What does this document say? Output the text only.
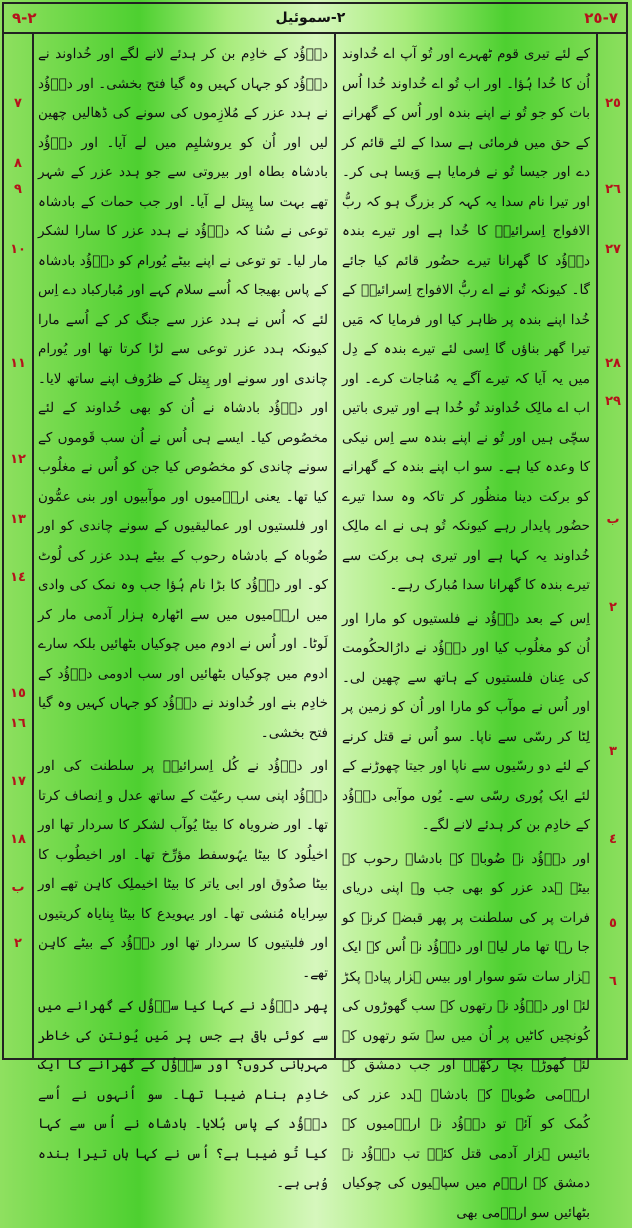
٢-٩	٢-سموئیل	٧-٢٥
٧
٨
٩
١٠
١١
١٢
١٣
١٤
١٥
١٦
١٧
١٨
ب
٢
٢٥
٢٦
٢٧
٢٨
٢٩
ب
٢
٣
٤
٥
٦

کے لئے تیری قوم ٹھہرے اور تُو آپ اے خُداوند اُن کا خُدا ہُؤا۔ اور اب تُو اے خُداوند خُدا اُس بات کو جو تُو نے اپنے بندہ اور اُس کے گھرانے کے حق میں فرمائی ہے سدا کے لئے قائم کر دے اور جیسا تُو نے فرمایا ہے وَیسا ہی کر۔ اور تیرا نام سدا یہ کہہ کر بزرگ ہو کہ ربُّ الافواج اِسرائیلؔ کا خُدا ہے اور تیرے بندہ داؔؤُد کا گھرانا تیرے حضُور قائم کیا جائے گا۔ کیونکہ تُو نے اے ربُّ الافواج اِسرائیلؔ کے خُدا اپنے بندہ پر ظاہر کیا اور فرمایا کہ مَیں تیرا گھر بناؤں گا اِسی لئے تیرے بندہ کے دِل میں یہ آیا کہ تیرے آگے یہ مُناجات کرے۔ اور اب اے مالِک خُداوند تُو خُدا ہے اور تیری باتیں سچّی ہیں اور تُو نے اپنے بندہ سے اِس نیکی کا وعدہ کیا ہے۔ سو اب اپنے بندہ کے گھرانے کو برکت دینا منظُور کر تاکہ وہ سدا تیرے حضُور پایدار رہے کیونکہ تُو ہی نے اے مالِک خُداوند یہ کہا ہے اور تیری ہی برکت سے تیرے بندہ کا گھرانا سدا مُبارک رہے۔

اِس کے بعد داؔؤُد نے فلستیوں کو مارا اور اُن کو مغلُوب کیا اور داؔؤُد نے دارُالحکُومت کی عِنان فلستیوں کے ہاتھ سے چھین لی۔ اور اُس نے موآب کو مارا اور اُن کو زمین پر لِٹا کر رسّی سے ناپا۔ سو اُس نے قتل کرنے کے لئے دو رسّیوں سے ناپا اور جیتا چھوڑنے کے لئے ایک پُوری رسّی سے۔ یُوں موآبی داؔؤُد کے خادِم بن کر ہدئے لانے لگے۔

اور داؔؤُد نے ضُوباہ کے بادشاہ رحوب کے بیٹے ہدد عزر کو بھی جب وہ اپنی دریای فرات پر کی سلطنت پر پھر قبضہ کرنے کو جا رہا تھا مار لیا۔ اور داؔؤُد نے اُس کے ایک ہزار سات سَو سوار اور بیس ہزار پیادے پکڑ لئے اور داؔؤُد نے رتھوں کے سب گھوڑوں کی کُونچیں کاٹیں پر اُن میں سے سَو رتھوں کے لئے گھوڑے بچا رکھّے۔ اور جب دمشق کے اراؔمی ضُوباہ کے بادشاہ ہدد عزر کی کُمک کو آئے تو داؔؤُد نے اراؔمیوں کے بائیس ہزار آدمی قتل کئے۔ تب داؔؤُد نے دمشق کے اراؔم میں سپاہیوں کی چوکیاں بٹھائیں سو اراؔمی بھی

داؔؤُد کے خادِم بن کر ہدئے لانے لگے اور خُداوند نے داؔؤُد کو جہاں کہیں وہ گیا فتح بخشی۔ اور داؔؤُد نے ہدد عزر کے مُلازِموں کی سونے کی ڈھالیں چھین لیں اور اُن کو یروشلیِم میں لے آیا۔ اور داؔؤُد بادشاہ بطاہ اور بیروتی سے جو ہدد عزر کے شہر تھے بہت سا پِیتل لے آیا۔ اور جب حمات کے بادشاہ توعی نے سُنا کہ داؔؤُد نے ہدد عزر کا سارا لشکر مار لیا۔ تو توعی نے اپنے بیٹے یُورام کو داؔؤُد بادشاہ کے پاس بھیجا کہ اُسے سلام کہے اور مُبارکباد دے اِس لئے کہ اُس نے ہدد عزر سے جنگ کر کے اُسے مارا کیونکہ ہدد عزر توعی سے لڑا کرتا تھا اور یُورام چاندی اور سونے اور پِیتل کے ظرُوف اپنے ساتھ لایا۔ اور داؔؤُد بادشاہ نے اُن کو بھی خُداوند کے لئے مخصُوص کیا۔ ایسے ہی اُس نے اُن سب قَوموں کے سونے چاندی کو مخصُوص کیا جن کو اُس نے مغلُوب کیا تھا۔ یعنی اراؔمیوں اور موآبیوں اور بنی عمُّون اور فلستیوں اور عمالیقیوں کے سونے چاندی کو اور ضُوباہ کے بادشاہ رحوب کے بیٹے ہدد عزر کی لُوٹ کو۔ اور داؔؤُد کا بڑا نام ہُؤا جب وہ نمک کی وادی میں اراؔمیوں میں سے اٹھارہ ہزار آدمی مار کر لَوٹا۔ اور اُس نے ادوم میں چوکیاں بٹھائیں بلکہ سارے ادوم میں چوکیاں بٹھائیں اور سب ادومی داؔؤُد کے خادِم بنے اور خُداوند نے داؔؤُد کو جہاں کہیں وہ گیا فتح بخشی۔

اور داؔؤُد نے کُل اِسرائیلؔ پر سلطنت کی اور داؔؤُد اپنی سب رعیّت کے ساتھ عدل و اِنصاف کرتا تھا۔ اور ضرویاہ کا بیٹا یُوآب لشکر کا سردار تھا اور اخیلُود کا بیٹا یہُوسفط مؤرِّخ تھا۔ اور اخیطُوب کا بیٹا صدُوق اور ابی یاتر کا بیٹا اخیملِک کاہِن تھے اور سِرایاہ مُنشی تھا۔ اور یہویدع کا بیٹا بِنایاہ کریتیوں اور فلیتیوں کا سردار تھا اور داؔؤُد کے بیٹے کاہِن تھے۔

پھر داؔؤُد نے کہا کیا ساؔؤُل کے گھرانے میں سے کوئی باقی ہے جس پر مَیں یُونتن کی خاطر مہربانی کروں؟ اور ساؔؤُل کے گھرانے کا ایک خادِم بنام ضیبا تھا۔ سو اُنہوں نے اُسے داؔؤُد کے پاس بُلایا۔ بادشاہ نے اُس سے کہا کیا تُو ضیبا ہے؟ اُس نے کہا ہاں تیرا بندہ وُہی ہے۔
